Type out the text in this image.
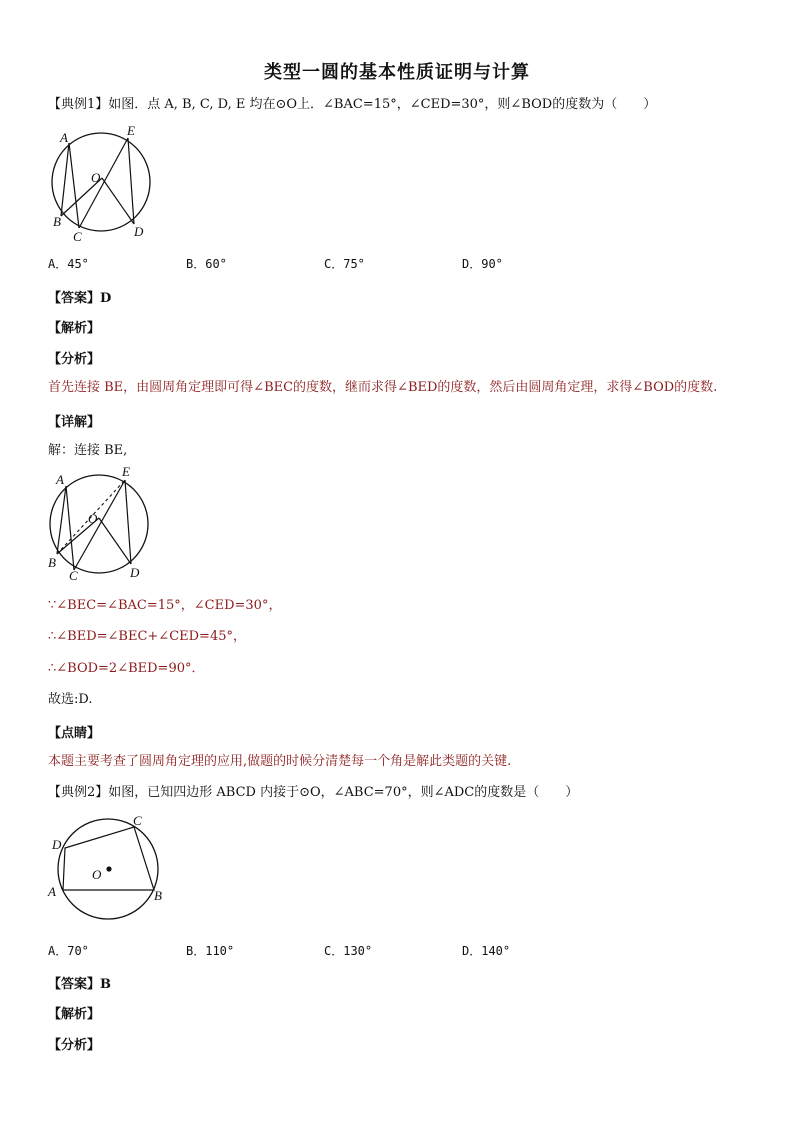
类型一圆的基本性质证明与计算
【典例1】如图．点 A, B, C, D, E 均在⊙O上．∠BAC=15°，∠CED=30°，则∠BOD的度数为（　　）
A	E
O
B
C	D
A．45°	B．60°	C．75°	D．90°
【答案】D
【解析】
【分析】
首先连接 BE，由圆周角定理即可得∠BEC的度数，继而求得∠BED的度数，然后由圆周角定理，求得∠BOD的度数.
【详解】
解：连接 BE,
A
E
O
B
C	D
∵∠BEC=∠BAC=15°，∠CED=30°，
∴∠BED=∠BEC+∠CED=45°，
∴∠BOD=2∠BED=90°．
故选:D.
【点睛】
本题主要考查了圆周角定理的应用,做题的时候分清楚每一个角是解此类题的关键.
【典例2】如图，已知四边形 ABCD 内接于⊙O，∠ABC=70°，则∠ADC的度数是（　　）
A
D
C
B
O
A．70°	B．110°	C．130°	D．140°
【答案】B
【解析】
【分析】
